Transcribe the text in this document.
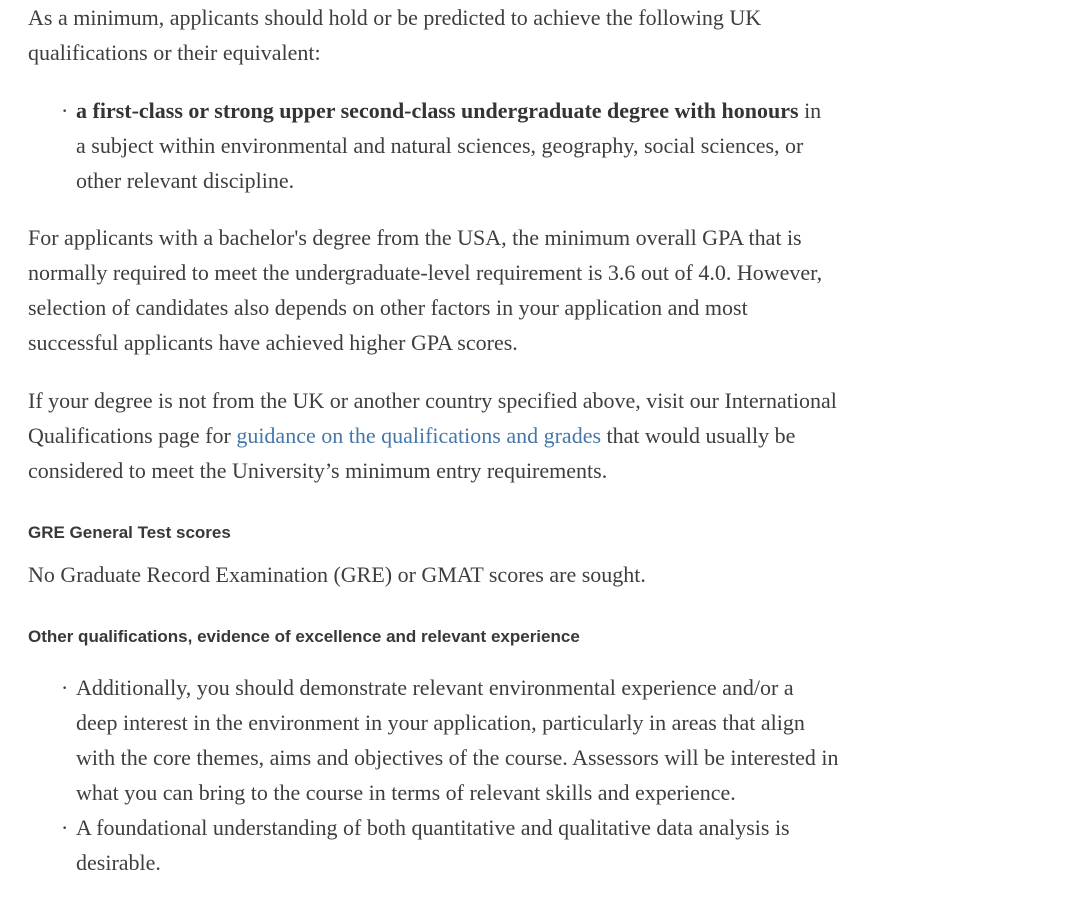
As a minimum, applicants should hold or be predicted to achieve the following UK
qualifications or their equivalent:

· a first-class or strong upper second-class undergraduate degree with honours in
a subject within environmental and natural sciences, geography, social sciences, or
other relevant discipline.

For applicants with a bachelor's degree from the USA, the minimum overall GPA that is
normally required to meet the undergraduate-level requirement is 3.6 out of 4.0. However,
selection of candidates also depends on other factors in your application and most
successful applicants have achieved higher GPA scores.

If your degree is not from the UK or another country specified above, visit our International
Qualifications page for guidance on the qualifications and grades that would usually be
considered to meet the University’s minimum entry requirements.

GRE General Test scores

No Graduate Record Examination (GRE) or GMAT scores are sought.

Other qualifications, evidence of excellence and relevant experience
· Additionally, you should demonstrate relevant environmental experience and/or a
deep interest in the environment in your application, particularly in areas that align
with the core themes, aims and objectives of the course. Assessors will be interested in
what you can bring to the course in terms of relevant skills and experience.
· A foundational understanding of both quantitative and qualitative data analysis is
desirable.
